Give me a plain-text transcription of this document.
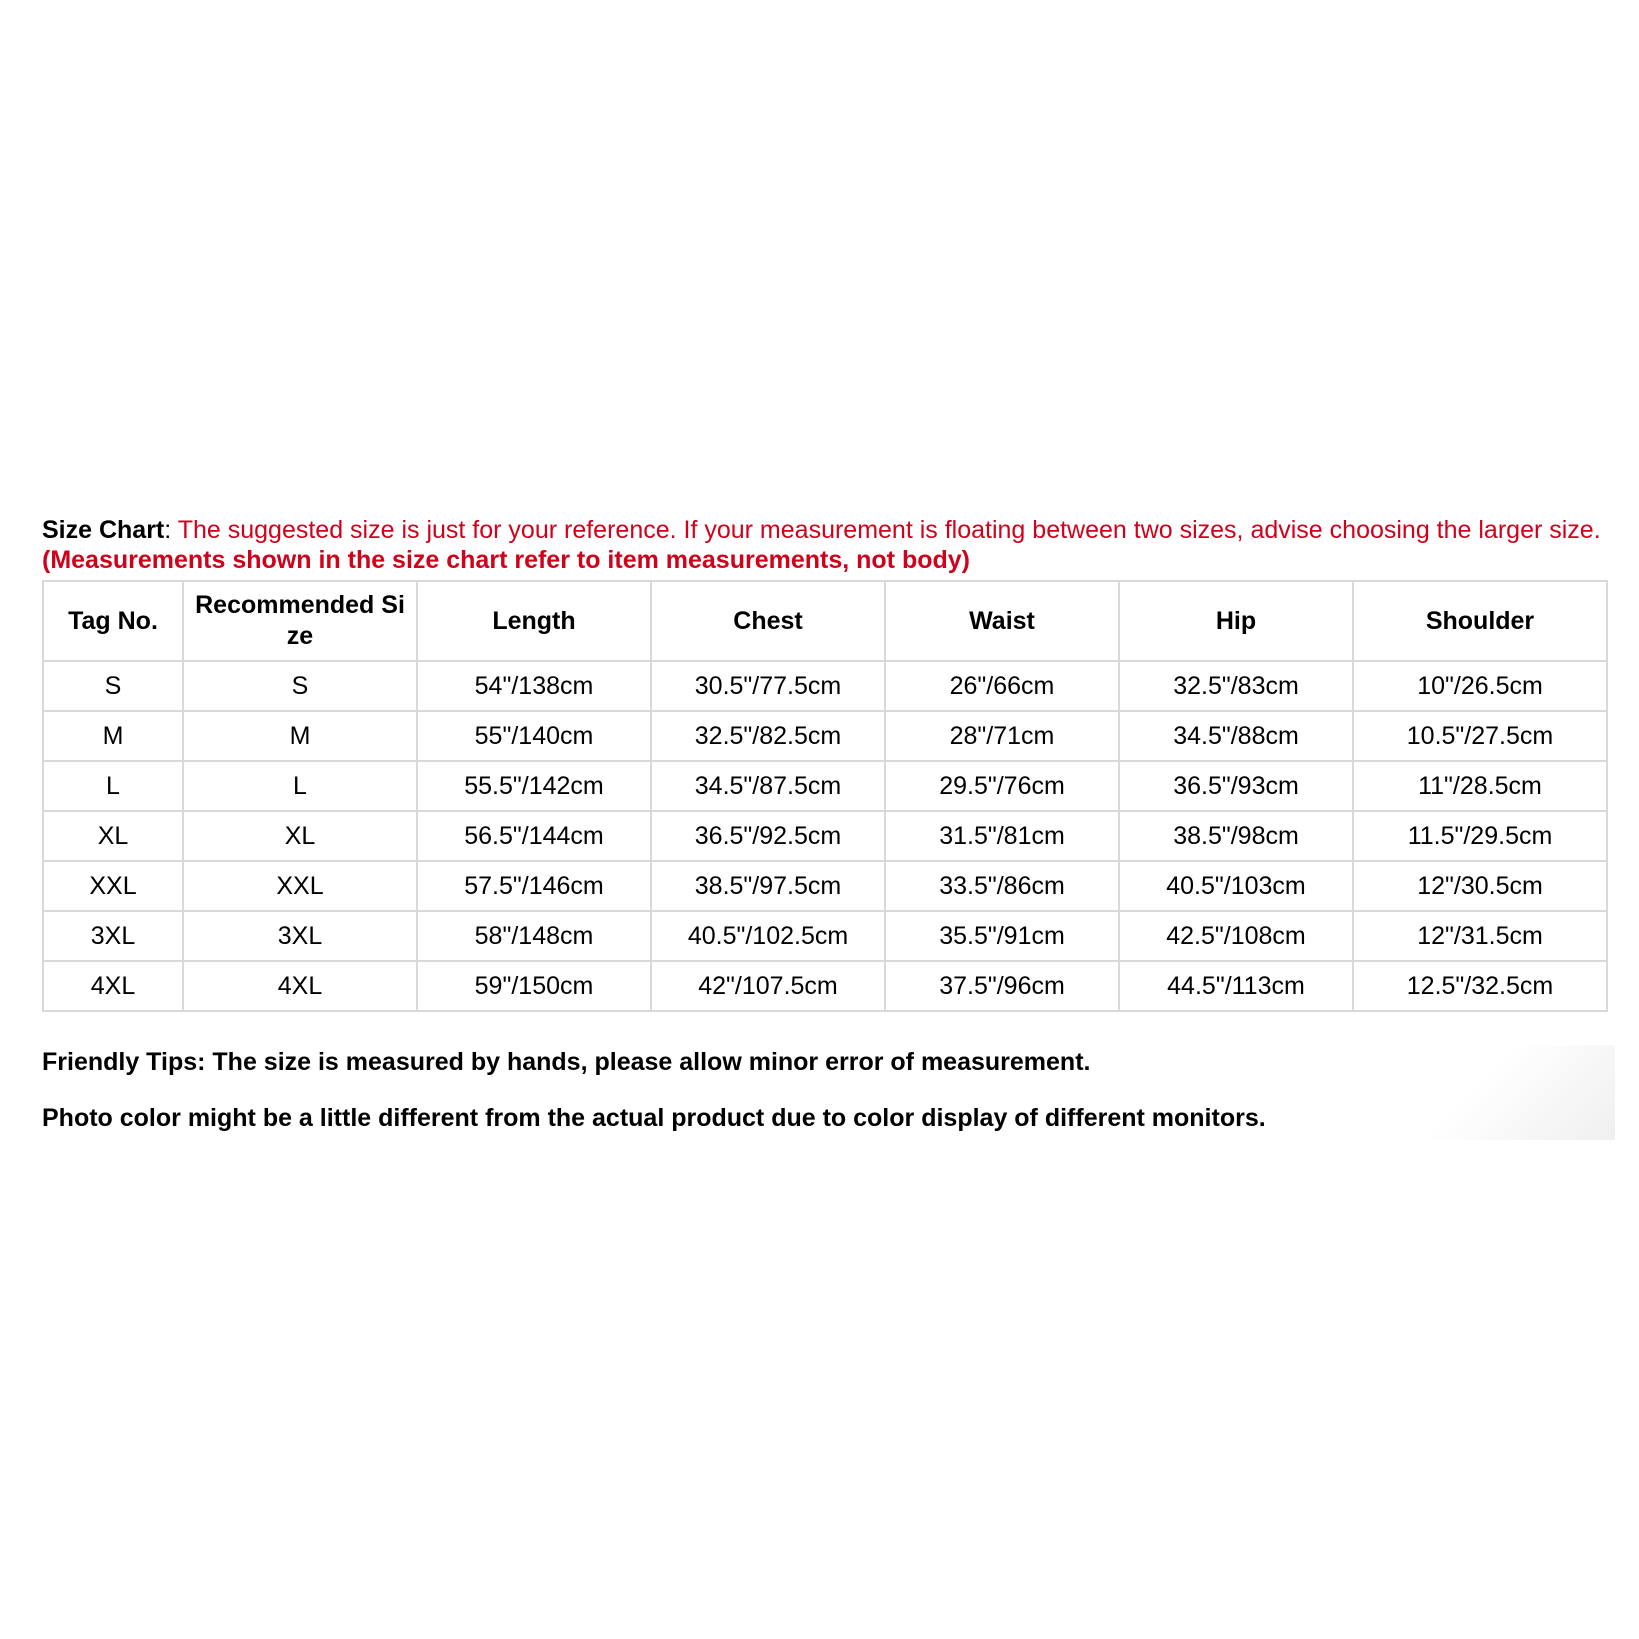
Size Chart: The suggested size is just for your reference. If your measurement is floating between two sizes, advise choosing the larger size. (Measurements shown in the size chart refer to item measurements, not body)
Tag No.	Recommended Si ze	Length	Chest	Waist	Hip	Shoulder
S	S	54"/138cm	30.5"/77.5cm	26"/66cm	32.5"/83cm	10"/26.5cm
M	M	55"/140cm	32.5"/82.5cm	28"/71cm	34.5"/88cm	10.5"/27.5cm
L	L	55.5"/142cm	34.5"/87.5cm	29.5"/76cm	36.5"/93cm	11"/28.5cm
XL	XL	56.5"/144cm	36.5"/92.5cm	31.5"/81cm	38.5"/98cm	11.5"/29.5cm
XXL	XXL	57.5"/146cm	38.5"/97.5cm	33.5"/86cm	40.5"/103cm	12"/30.5cm
3XL	3XL	58"/148cm	40.5"/102.5cm	35.5"/91cm	42.5"/108cm	12"/31.5cm
4XL	4XL	59"/150cm	42"/107.5cm	37.5"/96cm	44.5"/113cm	12.5"/32.5cm
Friendly Tips: The size is measured by hands, please allow minor error of measurement.
Photo color might be a little different from the actual product due to color display of different monitors.
